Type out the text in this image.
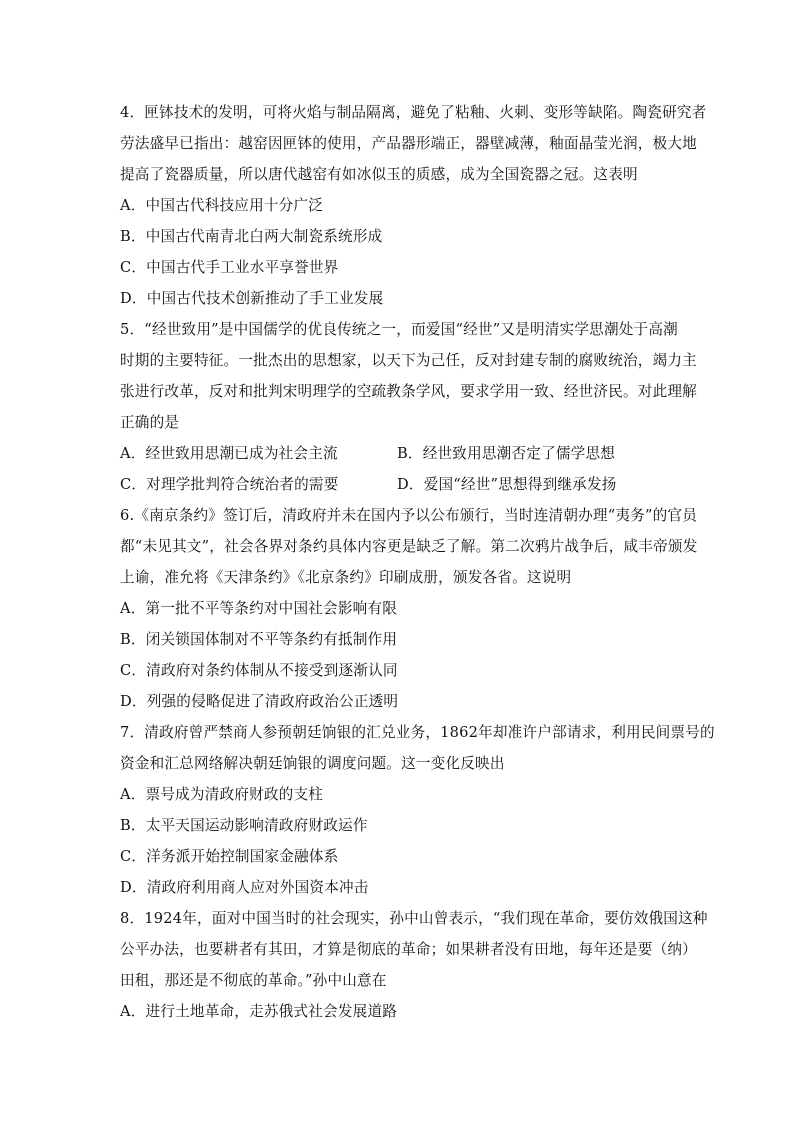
4．匣钵技术的发明，可将火焰与制品隔离，避免了粘釉、火刺、变形等缺陷。陶瓷研究者
劳法盛早已指出：越窑因匣钵的使用，产品器形端正，器壁减薄，釉面晶莹光润，极大地
提高了瓷器质量，所以唐代越窑有如冰似玉的质感，成为全国瓷器之冠。这表明
A．中国古代科技应用十分广泛
B．中国古代南青北白两大制瓷系统形成
C．中国古代手工业水平享誉世界
D．中国古代技术创新推动了手工业发展
5．“经世致用”是中国儒学的优良传统之一，而爱国“经世”又是明清实学思潮处于高潮
时期的主要特征。一批杰出的思想家，以天下为己任，反对封建专制的腐败统治，竭力主
张进行改革，反对和批判宋明理学的空疏教条学风，要求学用一致、经世济民。对此理解
正确的是
A．经世致用思潮已成为社会主流	B．经世致用思潮否定了儒学思想
C．对理学批判符合统治者的需要	D．爱国“经世”思想得到继承发扬
6.《南京条约》签订后，清政府并未在国内予以公布颁行，当时连清朝办理“夷务”的官员
都“未见其文”，社会各界对条约具体内容更是缺乏了解。第二次鸦片战争后，咸丰帝颁发
上谕，准允将《天津条约》《北京条约》印刷成册，颁发各省。这说明
A．第一批不平等条约对中国社会影响有限
B．闭关锁国体制对不平等条约有抵制作用
C．清政府对条约体制从不接受到逐渐认同
D．列强的侵略促进了清政府政治公正透明
7．清政府曾严禁商人参预朝廷饷银的汇兑业务，1862年却准许户部请求，利用民间票号的
资金和汇总网络解决朝廷饷银的调度问题。这一变化反映出
A．票号成为清政府财政的支柱
B．太平天国运动影响清政府财政运作
C．洋务派开始控制国家金融体系
D．清政府利用商人应对外国资本冲击
8．1924年，面对中国当时的社会现实，孙中山曾表示，“我们现在革命，要仿效俄国这种
公平办法，也要耕者有其田，才算是彻底的革命；如果耕者没有田地，每年还是要（纳）
田租，那还是不彻底的革命。”孙中山意在
A．进行土地革命，走苏俄式社会发展道路
